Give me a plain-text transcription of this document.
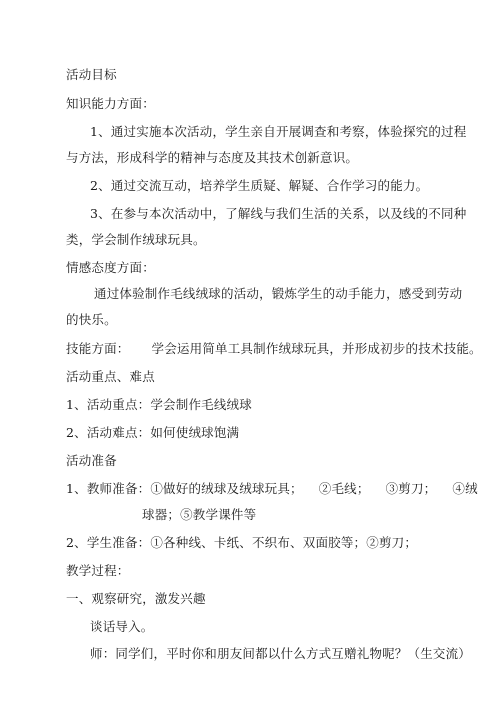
活动目标
知识能力方面：
1、通过实施本次活动，学生亲自开展调查和考察，体验探究的过程
与方法，形成科学的精神与态度及其技术创新意识。
2、通过交流互动，培养学生质疑、解疑、合作学习的能力。
3、在参与本次活动中，了解线与我们生活的关系，以及线的不同种
类，学会制作绒球玩具。
情感态度方面：
通过体验制作毛线绒球的活动，锻炼学生的动手能力，感受到劳动
的快乐。
技能方面： 学会运用简单工具制作绒球玩具，并形成初步的技术技能。
活动重点、难点
1、活动重点：学会制作毛线绒球
2、活动难点：如何使绒球饱满
活动准备
1、教师准备：①做好的绒球及绒球玩具； ②毛线； ③剪刀； ④绒
球器；⑤教学课件等
2、学生准备：①各种线、卡纸、不织布、双面胶等；②剪刀；
教学过程：
一、观察研究，激发兴趣
谈话导入。
师：同学们，平时你和朋友间都以什么方式互赠礼物呢？（生交流）
